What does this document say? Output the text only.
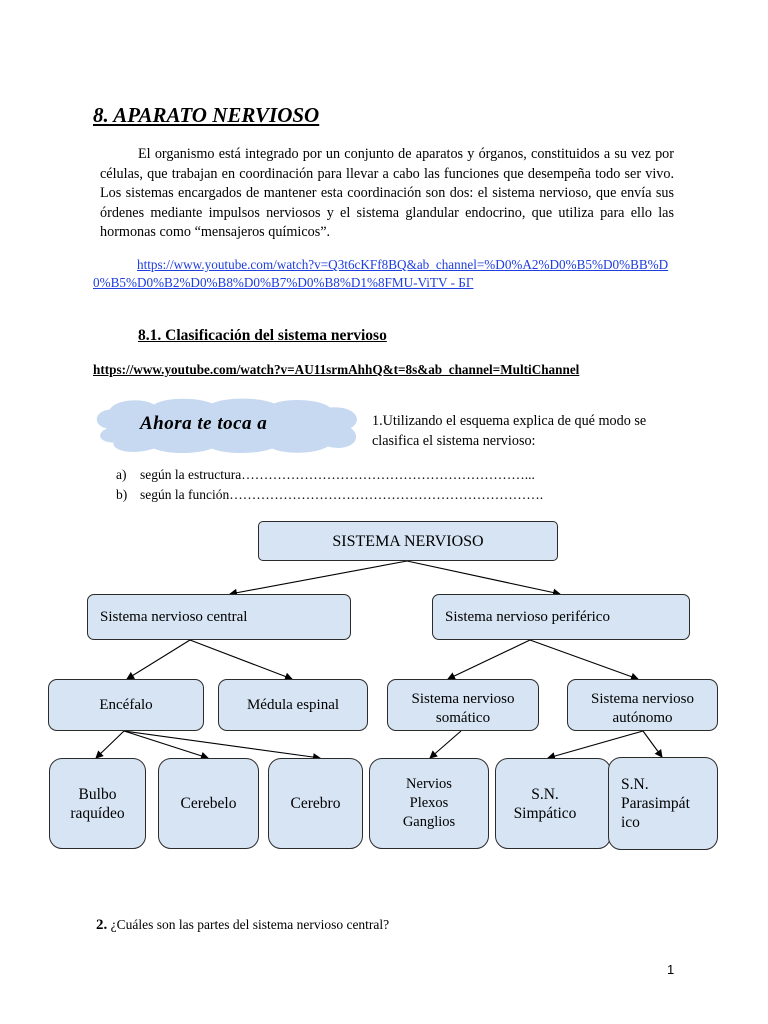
8. APARATO NERVIOSO
El organismo está integrado por un conjunto de aparatos y órganos, constituidos a su vez por células, que trabajan en coordinación para llevar a cabo las funciones que desempeña todo ser vivo. Los sistemas encargados de mantener esta coordinación son dos: el sistema nervioso, que envía sus órdenes mediante impulsos nerviosos y el sistema glandular endocrino, que utiliza para ello las hormonas como “mensajeros químicos”.
https://www.youtube.com/watch?v=Q3t6cKFf8BQ&ab_channel=%D0%A2%D0%B5%D0%BB%D0%B5%D0%B2%D0%B8%D0%B7%D0%B8%D1%8FMU-ViTV - БГ
8.1. Clasificación del sistema nervioso
https://www.youtube.com/watch?v=AU11srmAhhQ&t=8s&ab_channel=MultiChannel
Ahora te toca a	1.Utilizando el esquema explica de qué modo se clasifica el sistema nervioso:
a) según la estructura………………………………………………………...
b) según la función…………………………………………………………….
SISTEMA NERVIOSO
Sistema nervioso central	Sistema nervioso periférico
Encéfalo	Médula espinal	Sistema nervioso somático
Sistema nervioso autónomo
Bulbo raquídeo
Cerebelo	Cerebro
Nervios Plexos Ganglios
S.N. Simpático
S.N. Parasimpát ico
2. ¿Cuáles son las partes del sistema nervioso central?
1
